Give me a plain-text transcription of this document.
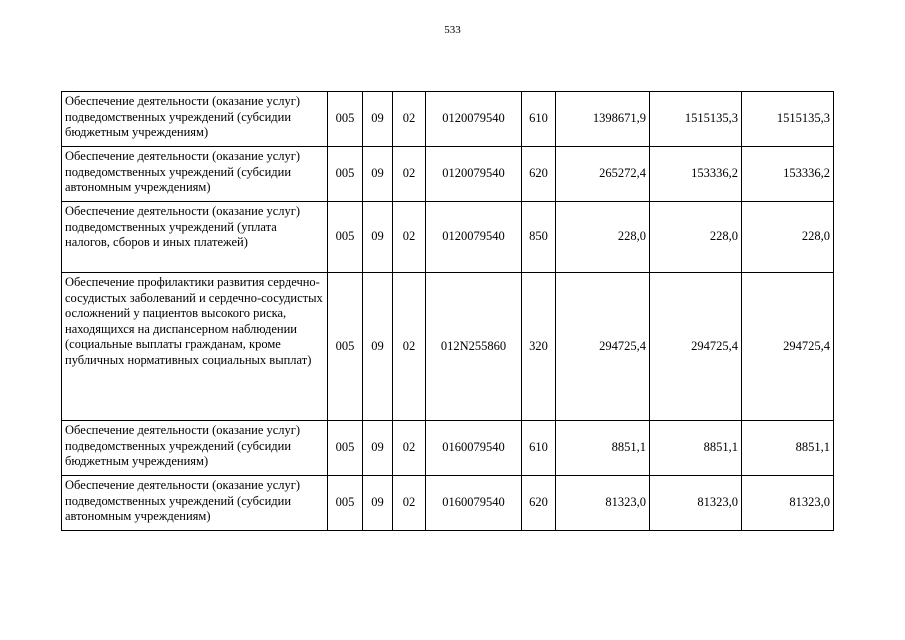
533
Обеспечение деятельности (оказание услуг) подведомственных учреждений (субсидии бюджетным учреждениям)	005	09	02	0120079540	610	1398671,9	1515135,3	1515135,3
Обеспечение деятельности (оказание услуг) подведомственных учреждений (субсидии автономным учреждениям)	005	09	02	0120079540	620	265272,4	153336,2	153336,2
Обеспечение деятельности (оказание услуг) подведомственных учреждений (уплата налогов, сборов и иных платежей)	005	09	02	0120079540	850	228,0	228,0	228,0
Обеспечение профилактики развития сердечно-сосудистых заболеваний и сердечно-сосудистых осложнений у пациентов высокого риска, находящихся на диспансерном наблюдении (социальные выплаты гражданам, кроме публичных нормативных социальных выплат)	005	09	02	012N255860	320	294725,4	294725,4	294725,4
Обеспечение деятельности (оказание услуг) подведомственных учреждений (субсидии бюджетным учреждениям)	005	09	02	0160079540	610	8851,1	8851,1	8851,1
Обеспечение деятельности (оказание услуг) подведомственных учреждений (субсидии автономным учреждениям)	005	09	02	0160079540	620	81323,0	81323,0	81323,0
